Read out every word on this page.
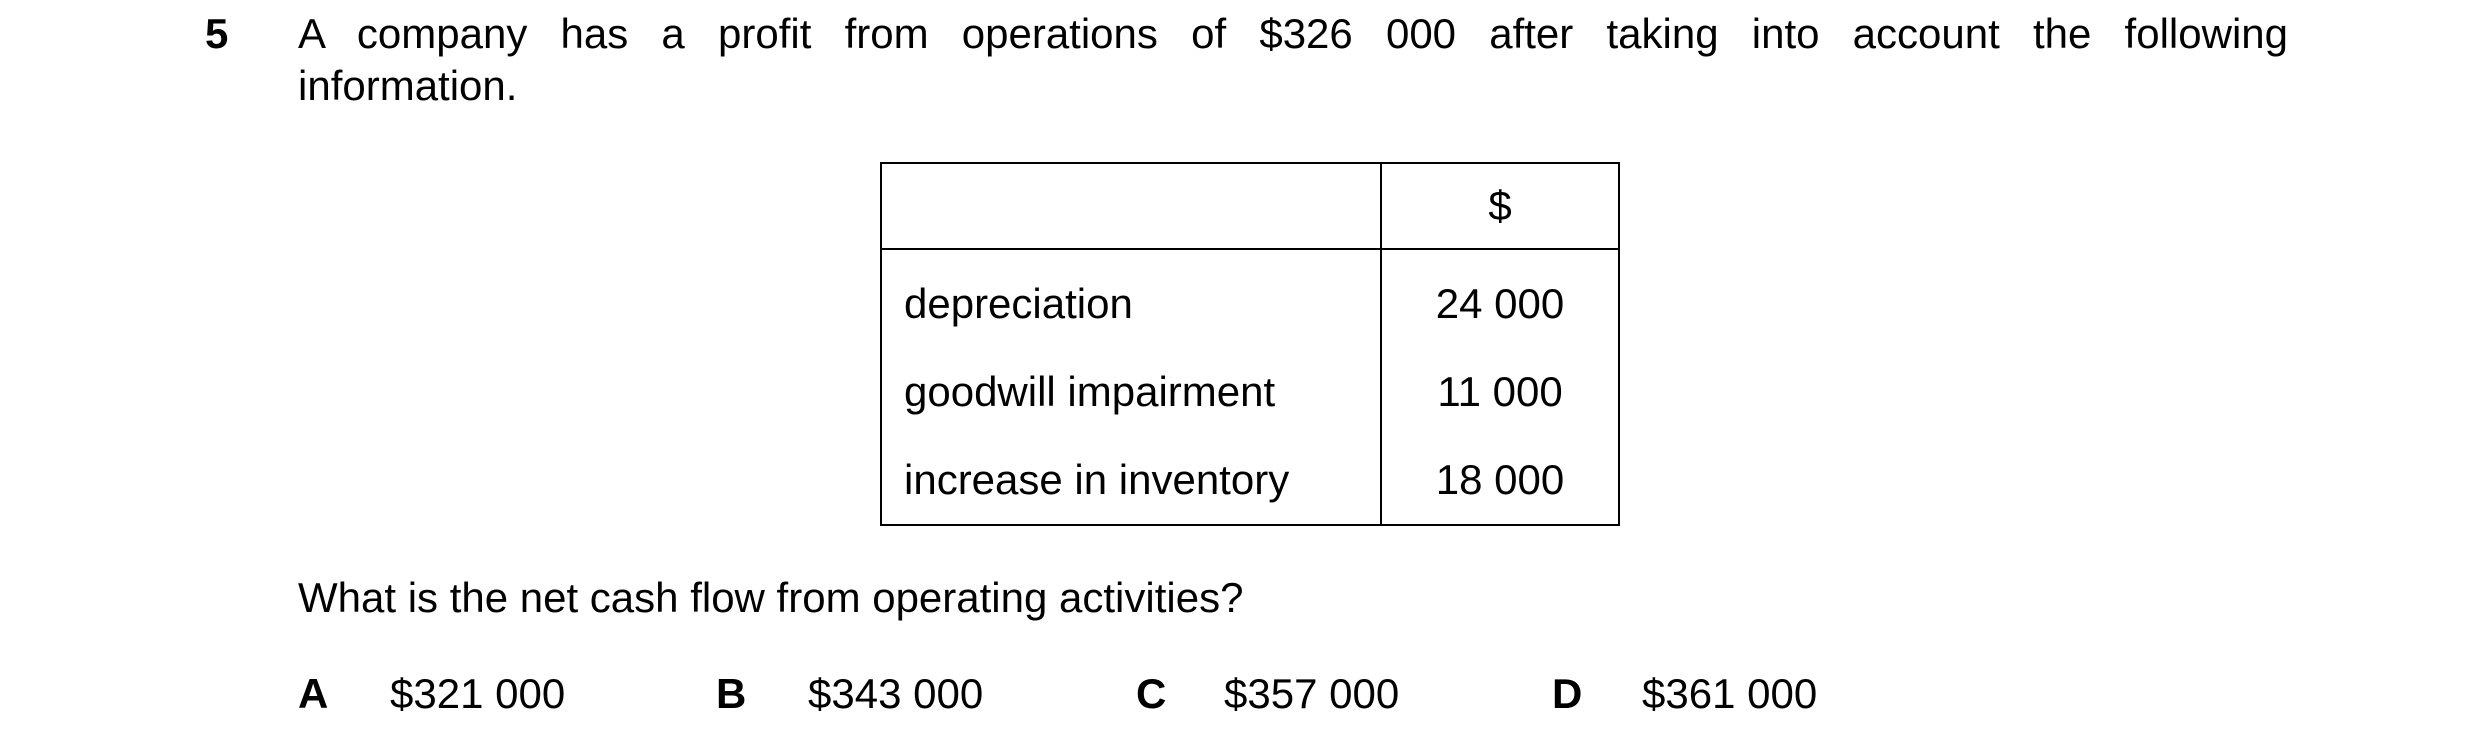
5 A company has a profit from operations of $326 000 after taking into account the following
information.
	$
depreciation	24 000
goodwill impairment	11 000
increase in inventory	18 000
What is the net cash flow from operating activities?
A $321 000	B $343 000	C $357 000	D $361 000
